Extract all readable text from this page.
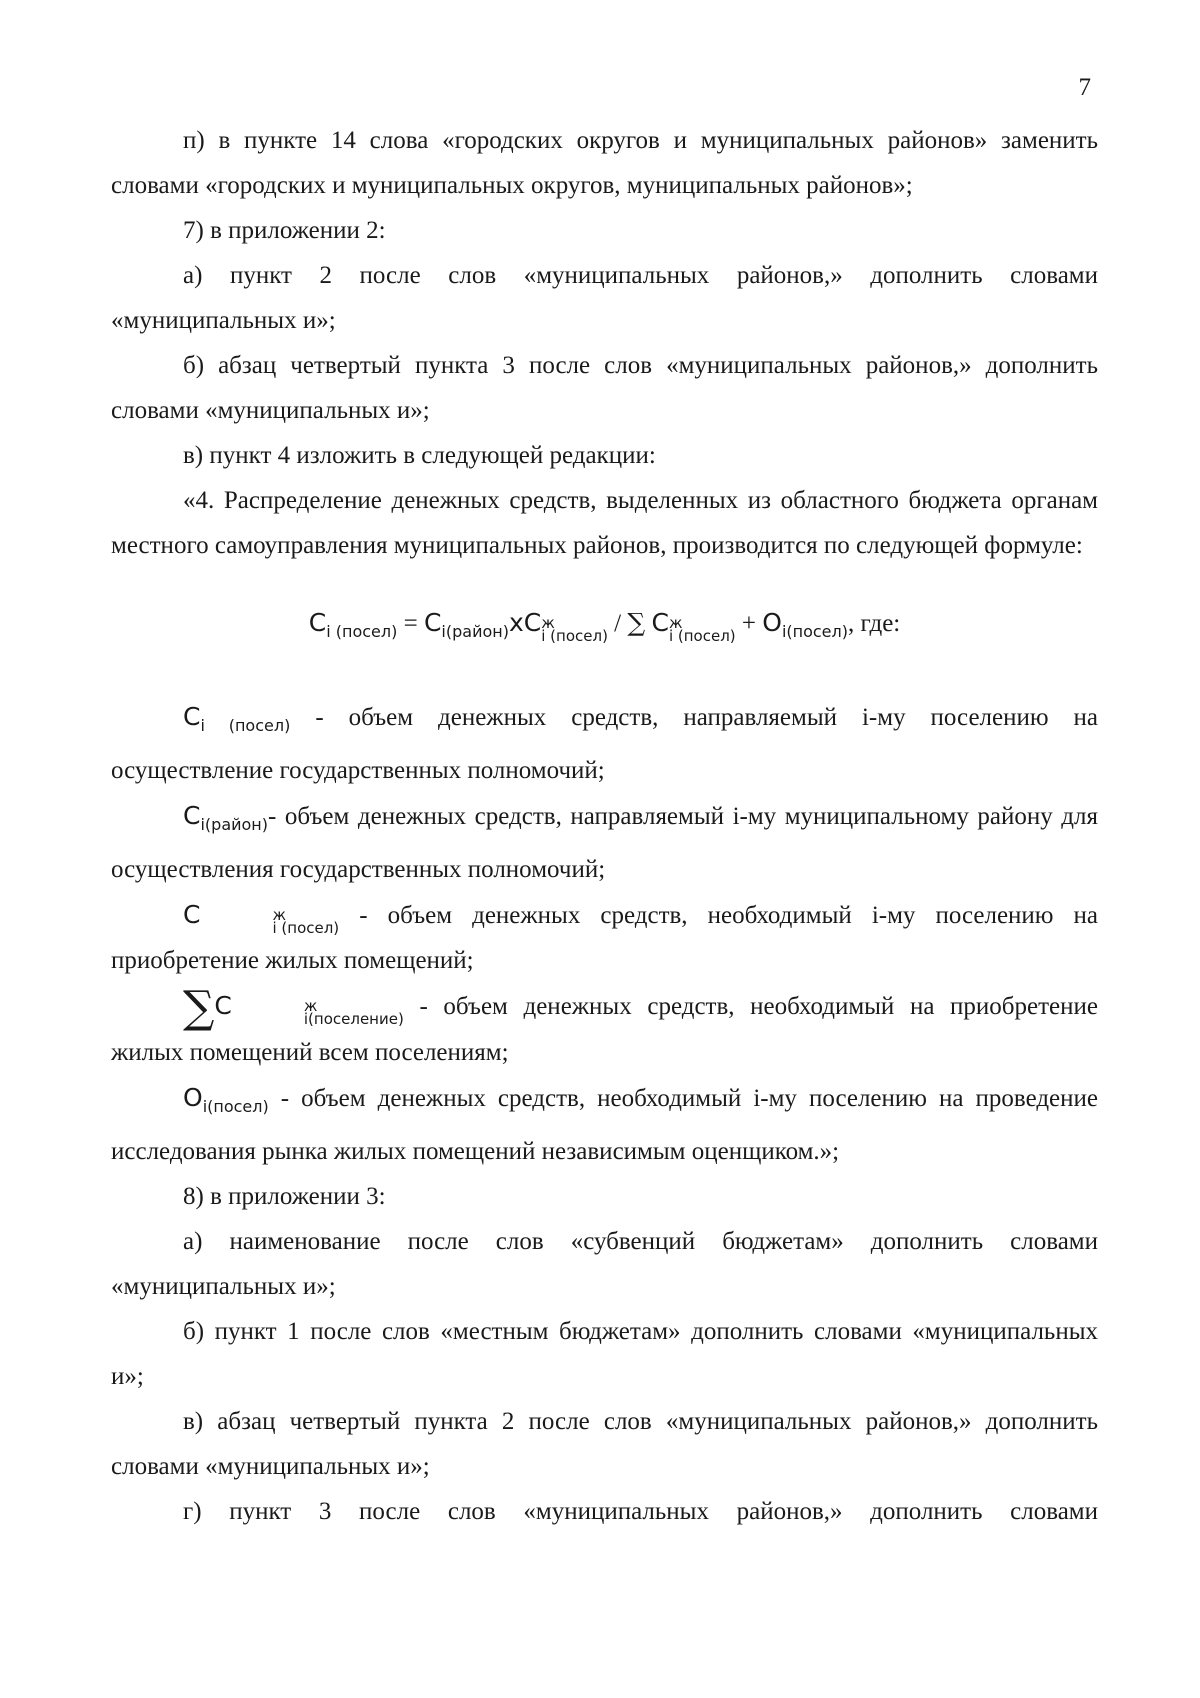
7

п) в пункте 14 слова «городских округов и муниципальных районов» заменить словами «городских и муниципальных округов, муниципальных районов»;

7) в приложении 2:

а) пункт 2 после слов «муниципальных районов,» дополнить словами «муниципальных и»;

б) абзац четвертый пункта 3 после слов «муниципальных районов,» дополнить словами «муниципальных и»;

в) пункт 4 изложить в следующей редакции:

«4. Распределение денежных средств, выделенных из областного бюджета органам местного самоуправления муниципальных районов, производится по следующей формуле:

$C_{i (посел)} = C_{i(район)}xC$ ж
i (посел) / ∑ C ж
i (посел) + $O_{i(посел)}$, где:

$C_{i (посел)}$ - объем денежных средств, направляемый i-му поселению на осуществление государственных полномочий;

$C_{i(район)}-$ объем денежных средств, направляемый i-му муниципальному району для осуществления государственных полномочий;

C	ж
i (посел) - объем денежных средств, необходимый i-му поселению на приобретение жилых помещений;

∑C	ж
i(поселение) - объем денежных средств, необходимый на приобретение жилых помещений всем поселениям;

$O_{i(посел)}$ - объем денежных средств, необходимый i-му поселению на проведение исследования рынка жилых помещений независимым оценщиком.»;

8) в приложении 3:

а) наименование после слов «субвенций бюджетам» дополнить словами «муниципальных и»;

б) пункт 1 после слов «местным бюджетам» дополнить словами «муниципальных и»;

в) абзац четвертый пункта 2 после слов «муниципальных районов,» дополнить словами «муниципальных и»;

г) пункт 3 после слов «муниципальных районов,» дополнить словами
